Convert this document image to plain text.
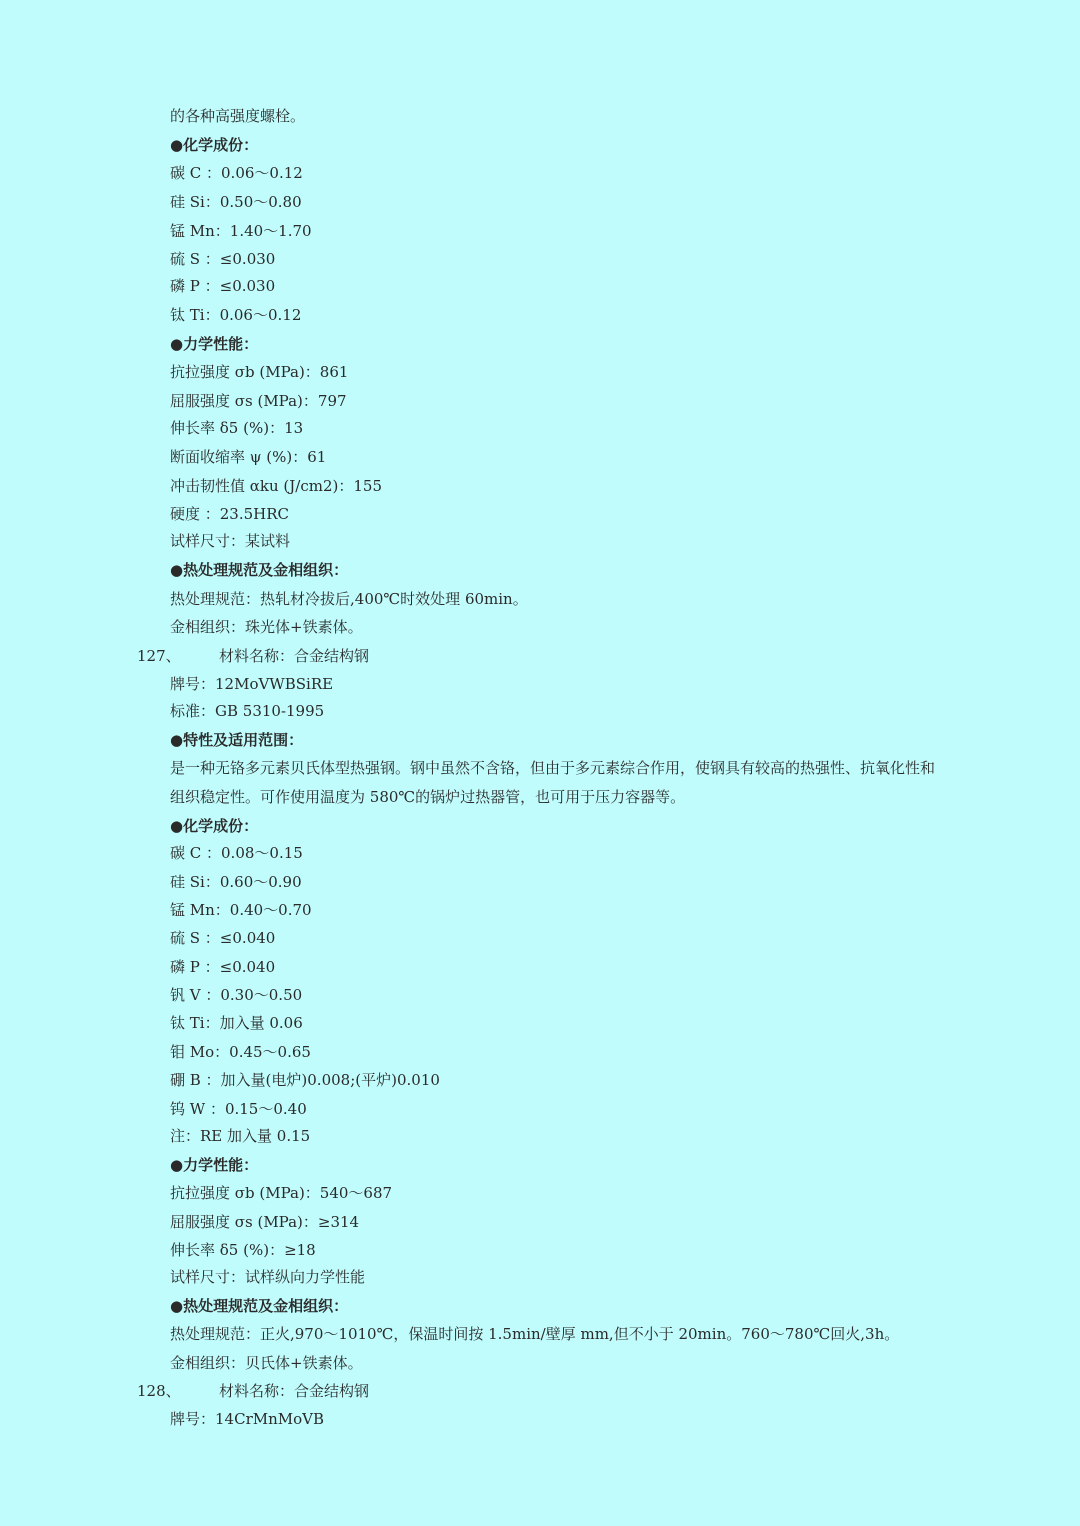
的各种高强度螺栓。
●化学成份：
碳 C ：0.06～0.12
硅 Si：0.50～0.80
锰 Mn：1.40～1.70
硫 S ：≤0.030
磷 P ：≤0.030
钛 Ti：0.06～0.12
●力学性能：
抗拉强度 σb (MPa)：861
屈服强度 σs (MPa)：797
伸长率 δ5 (%)：13
断面收缩率 ψ (%)：61
冲击韧性值 αku (J/cm2)：155
硬度 ：23.5HRC
试样尺寸：某试料
●热处理规范及金相组织：
热处理规范：热轧材冷拔后,400℃时效处理 60min。
金相组织：珠光体+铁素体。
127、	材料名称：合金结构钢
牌号：12MoVWBSiRE
标准：GB 5310-1995
●特性及适用范围：
是一种无铬多元素贝氏体型热强钢。钢中虽然不含铬，但由于多元素综合作用，使钢具有较高的热强性、抗氧化性和
组织稳定性。可作使用温度为 580℃的锅炉过热器管，也可用于压力容器等。
●化学成份：
碳 C ：0.08～0.15
硅 Si：0.60～0.90
锰 Mn：0.40～0.70
硫 S ：≤0.040
磷 P ：≤0.040
钒 V ：0.30～0.50
钛 Ti：加入量 0.06
钼 Mo：0.45～0.65
硼 B ：加入量(电炉)0.008;(平炉)0.010
钨 W ：0.15～0.40
注：RE 加入量 0.15
●力学性能：
抗拉强度 σb (MPa)：540～687
屈服强度 σs (MPa)：≥314
伸长率 δ5 (%)：≥18
试样尺寸：试样纵向力学性能
●热处理规范及金相组织：
热处理规范：正火,970～1010℃，保温时间按 1.5min/壁厚 mm,但不小于 20min。760～780℃回火,3h。
金相组织：贝氏体+铁素体。
128、	材料名称：合金结构钢
牌号：14CrMnMoVB
